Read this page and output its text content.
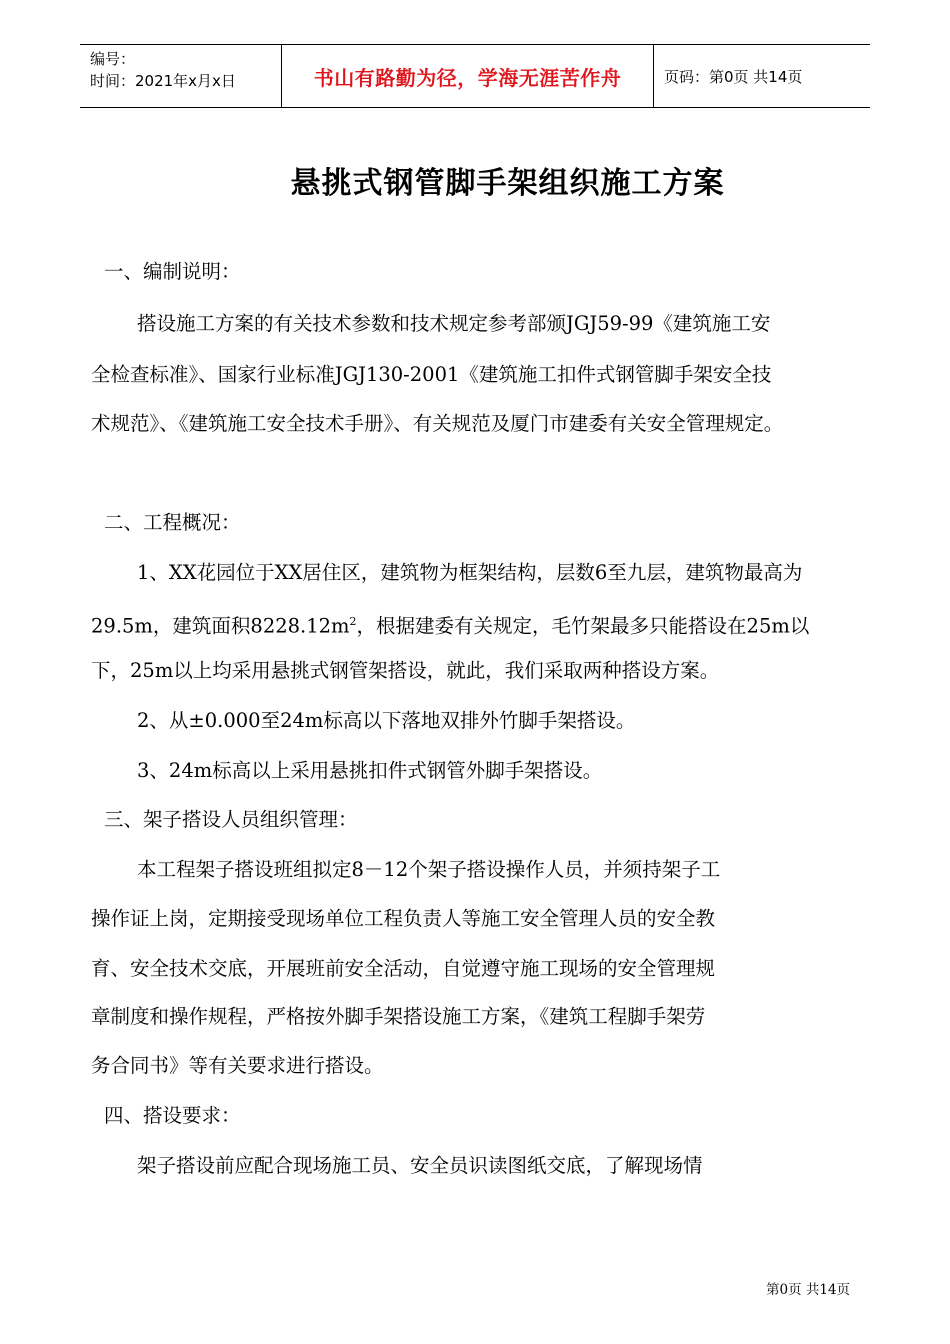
编号：
时间：2021年x月x日	书山有路勤为径，学海无涯苦作舟	页码：第0页 共14页
悬挑式钢管脚手架组织施工方案
一、编制说明：
搭设施工方案的有关技术参数和技术规定参考部颁JGJ59-99《建筑施工安
全检查标准》、国家行业标准JGJ130-2001《建筑施工扣件式钢管脚手架安全技
术规范》、《建筑施工安全技术手册》、有关规范及厦门市建委有关安全管理规定。
二、工程概况：
1、XX花园位于XX居住区，建筑物为框架结构，层数6至九层，建筑物最高为
29.5m，建筑面积$8228.12m^2$，根据建委有关规定，毛竹架最多只能搭设在25m以
下，25m以上均采用悬挑式钢管架搭设，就此，我们采取两种搭设方案。
2、从±0.000至24m标高以下落地双排外竹脚手架搭设。
3、24m标高以上采用悬挑扣件式钢管外脚手架搭设。
三、架子搭设人员组织管理：
本工程架子搭设班组拟定8－12个架子搭设操作人员，并须持架子工
操作证上岗，定期接受现场单位工程负责人等施工安全管理人员的安全教
育、安全技术交底，开展班前安全活动，自觉遵守施工现场的安全管理规
章制度和操作规程，严格按外脚手架搭设施工方案，《建筑工程脚手架劳
务合同书》等有关要求进行搭设。
四、搭设要求：
架子搭设前应配合现场施工员、安全员识读图纸交底，了解现场情
第0页 共14页
